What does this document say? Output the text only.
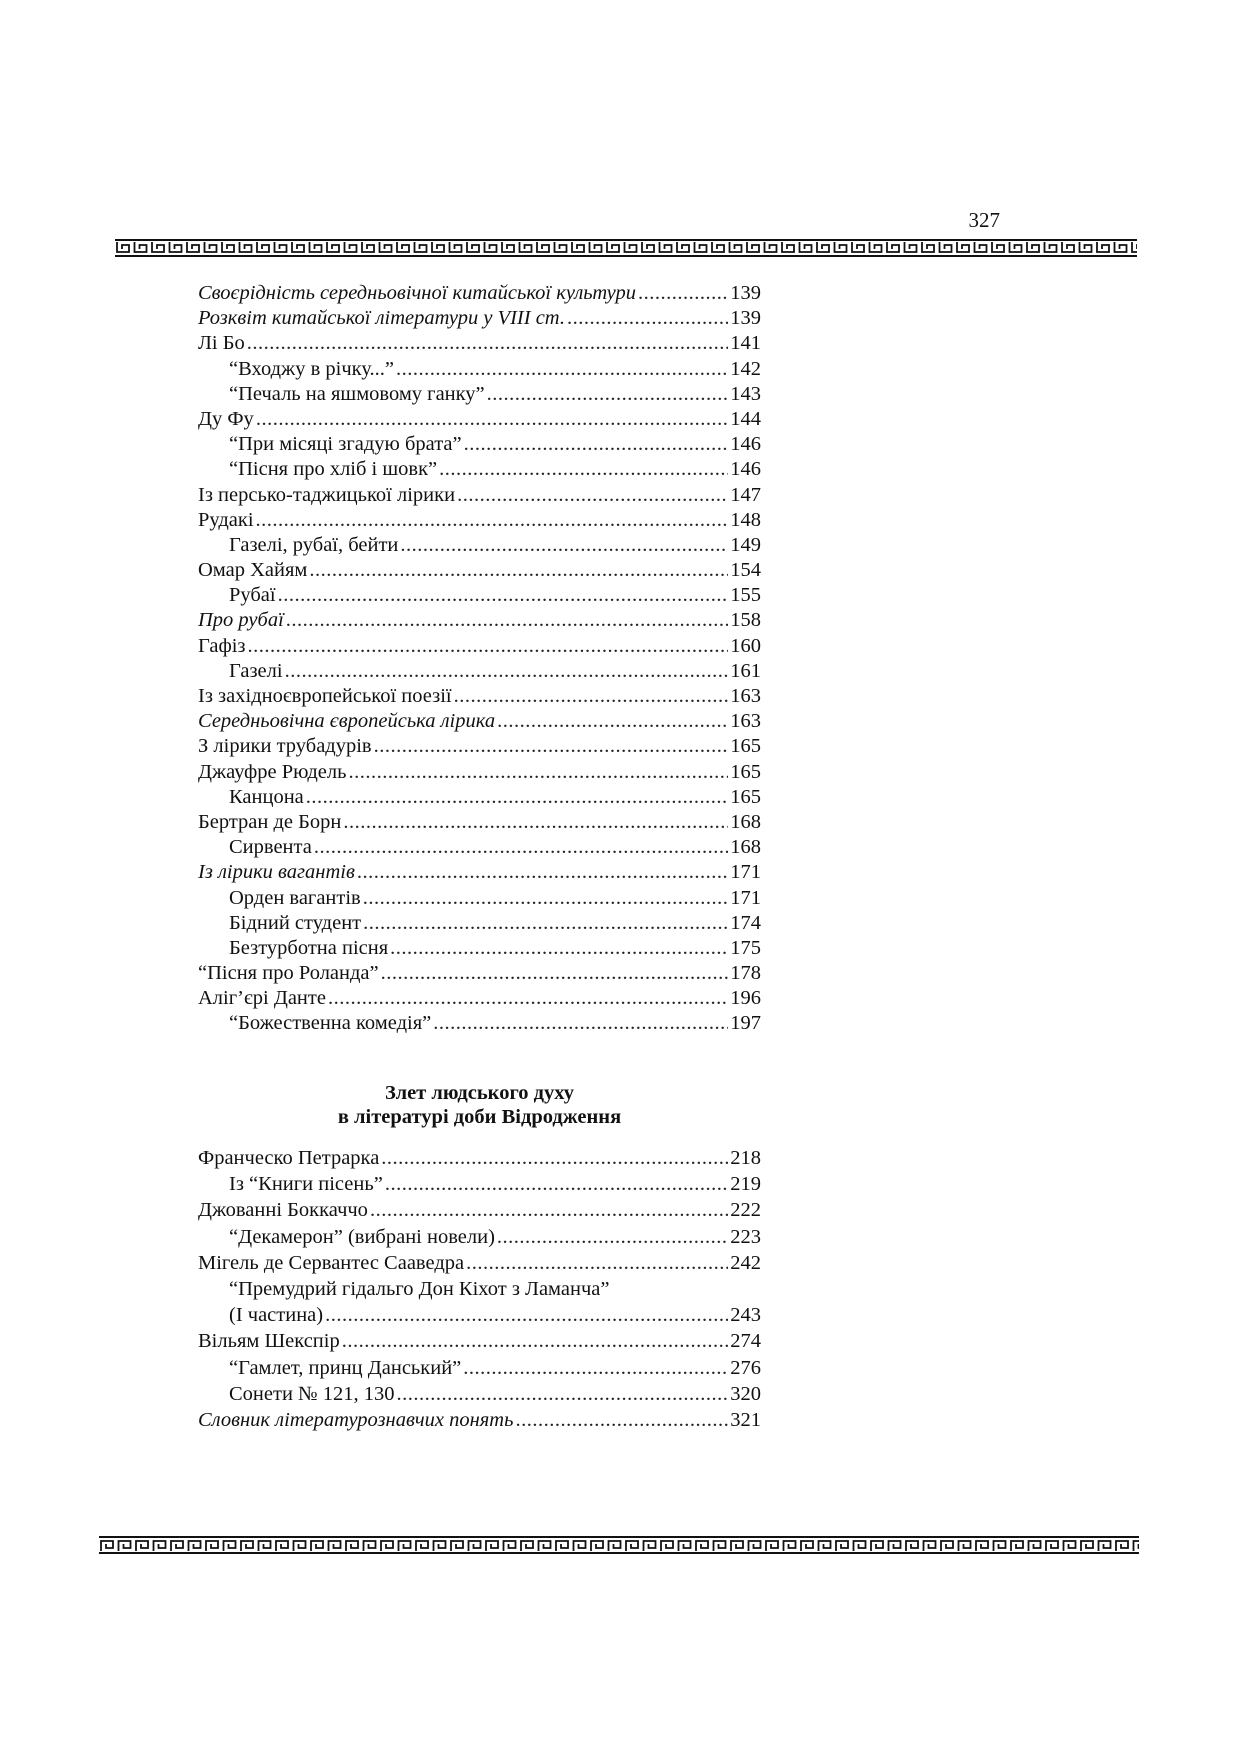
327
Своєрідність середньовічної китайської культури .....	139
Розквіт китайської літератури у VIII ст. .....	139
Лі Бо .....	141
“Входжу в річку...” .....	142
“Печаль на яшмовому ганку” .....	143
Ду Фу .....	144
“При місяці згадую брата” .....	146
“Пісня про хліб і шовк” .....	146
Із персько-таджицької лірики .....	147
Рудакі .....	148
Газелі, рубаї, бейти .....	149
Омар Хайям .....	154
Рубаї .....	155
Про рубаї .....	158
Гафіз .....	160
Газелі .....	161
Із західноєвропейської поезії .....	163
Середньовічна європейська лірика .....	163
З лірики трубадурів .....	165
Джауфре Рюдель .....	165
Канцона .....	165
Бертран де Борн .....	168
Сирвента .....	168
Із лірики вагантів .....	171
Орден вагантів .....	171
Бідний студент .....	174
Безтурботна пісня .....	175
“Пісня про Роланда” .....	178
Аліг’єрі Данте .....	196
“Божественна комедія” .....	197
Злет людського духу
в літературі доби Відродження
Франческо Петрарка .....	218
Із “Книги пісень” .....	219
Джованні Боккаччо .....	222
“Декамерон” (вибрані новели) .....	223
Мігель де Сервантес Сааведра .....	242
“Премудрий гідальго Дон Кіхот з Ламанча”
(І частина) .....	243
Вільям Шекспір .....	274
“Гамлет, принц Данський” .....	276
Сонети № 121, 130 .....	320
Словник літературознавчих понять .....	321
